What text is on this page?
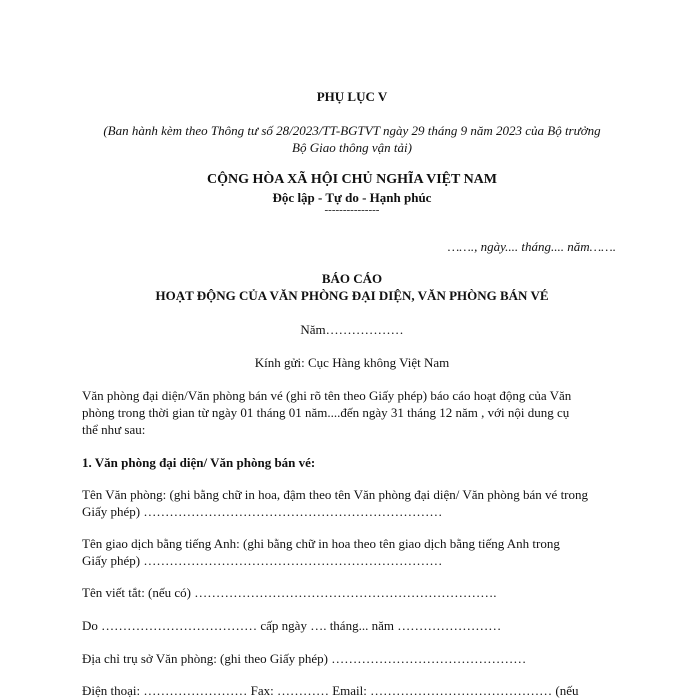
PHỤ LỤC V
(Ban hành kèm theo Thông tư số 28/2023/TT-BGTVT ngày 29 tháng 9 năm 2023 của Bộ trưởng
Bộ Giao thông vận tải)
CỘNG HÒA XÃ HỘI CHỦ NGHĨA VIỆT NAM
Độc lập - Tự do - Hạnh phúc
---------------
……., ngày.... tháng.... năm…….
BÁO CÁO
HOẠT ĐỘNG CỦA VĂN PHÒNG ĐẠI DIỆN, VĂN PHÒNG BÁN VÉ
Năm………………
Kính gửi: Cục Hàng không Việt Nam
Văn phòng đại diện/Văn phòng bán vé (ghi rõ tên theo Giấy phép) báo cáo hoạt động của Văn
phòng trong thời gian từ ngày 01 tháng 01 năm....đến ngày 31 tháng 12 năm , với nội dung cụ
thể như sau:
1. Văn phòng đại diện/ Văn phòng bán vé:
Tên Văn phòng: (ghi bằng chữ in hoa, đậm theo tên Văn phòng đại diện/ Văn phòng bán vé trong
Giấy phép) ……………………………………………………………
Tên giao dịch bằng tiếng Anh: (ghi bằng chữ in hoa theo tên giao dịch bằng tiếng Anh trong
Giấy phép) ……………………………………………………………
Tên viết tắt: (nếu có) …………………………………………………………….
Do ……………………………… cấp ngày …. tháng... năm ……………………
Địa chỉ trụ sở Văn phòng: (ghi theo Giấy phép) ………………………………………
Điện thoại: …………………… Fax: ………… Email: …………………………………… (nếu
